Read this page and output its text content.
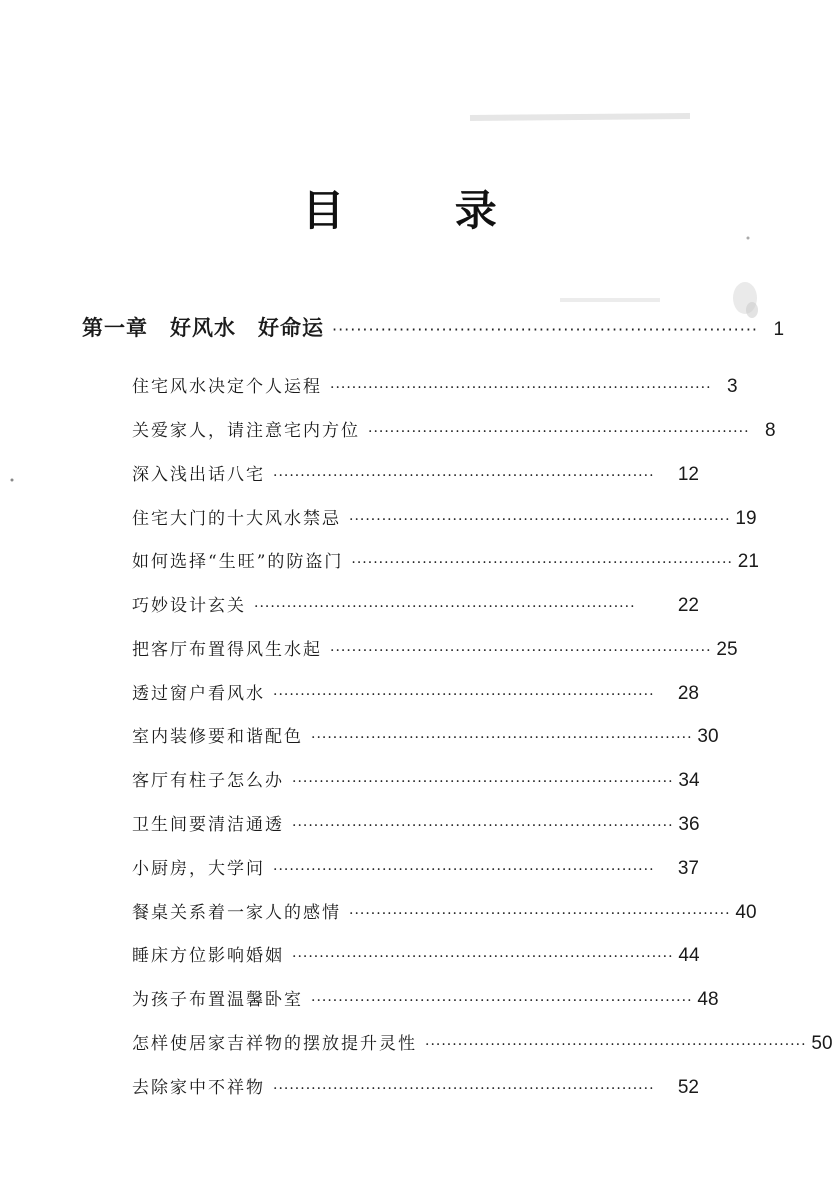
目 录
第一章　好风水　好命运 ······································································ 1
住宅风水决定个人运程 ······································································ 3
关爱家人，请注意宅内方位 ······································································ 8
深入浅出话八宅 ······································································	12
住宅大门的十大风水禁忌 ······································································ 19
如何选择“生旺”的防盗门 ······································································ 21
巧妙设计玄关 ······································································	22
把客厅布置得风生水起 ······································································ 25
透过窗户看风水 ······································································	28
室内装修要和谐配色 ······································································ 30
客厅有柱子怎么办 ······································································ 34
卫生间要清洁通透 ······································································ 36
小厨房，大学问 ······································································	37
餐桌关系着一家人的感情 ······································································ 40
睡床方位影响婚姻 ······································································ 44
为孩子布置温馨卧室 ······································································ 48
怎样使居家吉祥物的摆放提升灵性 ······································································ 50
去除家中不祥物 ······································································	52
